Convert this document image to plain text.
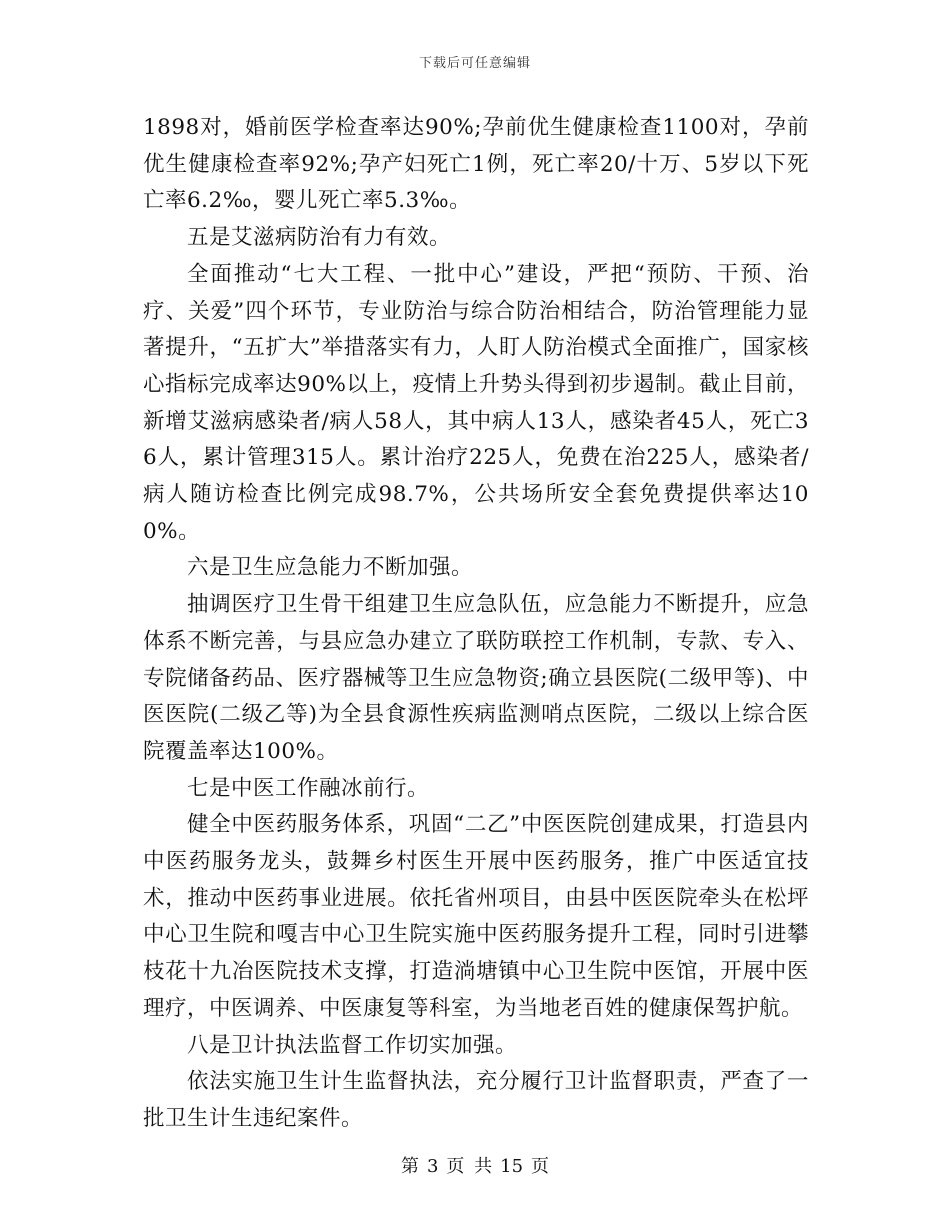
下载后可任意编辑

1898对，婚前医学检查率达90%;孕前优生健康检查1100对，孕前优生健康检查率92%;孕产妇死亡1例，死亡率20/十万、5岁以下死亡率6.2‰，婴儿死亡率5.3‰。

五是艾滋病防治有力有效。

全面推动“七大工程、一批中心”建设，严把“预防、干预、治疗、关爱”四个环节，专业防治与综合防治相结合，防治管理能力显著提升，“五扩大”举措落实有力，人盯人防治模式全面推广，国家核心指标完成率达90%以上，疫情上升势头得到初步遏制。截止目前，新增艾滋病感染者/病人58人，其中病人13人，感染者45人，死亡36人，累计管理315人。累计治疗225人，免费在治225人，感染者/病人随访检查比例完成98.7%，公共场所安全套免费提供率达100%。

六是卫生应急能力不断加强。

抽调医疗卫生骨干组建卫生应急队伍，应急能力不断提升，应急体系不断完善，与县应急办建立了联防联控工作机制，专款、专入、专院储备药品、医疗器械等卫生应急物资;确立县医院(二级甲等)、中医医院(二级乙等)为全县食源性疾病监测哨点医院，二级以上综合医院覆盖率达100%。

七是中医工作融冰前行。

健全中医药服务体系，巩固“二乙”中医医院创建成果，打造县内中医药服务龙头，鼓舞乡村医生开展中医药服务，推广中医适宜技术，推动中医药事业进展。依托省州项目，由县中医医院牵头在松坪中心卫生院和嘎吉中心卫生院实施中医药服务提升工程，同时引进攀枝花十九冶医院技术支撑，打造淌塘镇中心卫生院中医馆，开展中医理疗，中医调养、中医康复等科室，为当地老百姓的健康保驾护航。

八是卫计执法监督工作切实加强。

依法实施卫生计生监督执法，充分履行卫计监督职责，严查了一批卫生计生违纪案件。

第 3 页 共 15 页
